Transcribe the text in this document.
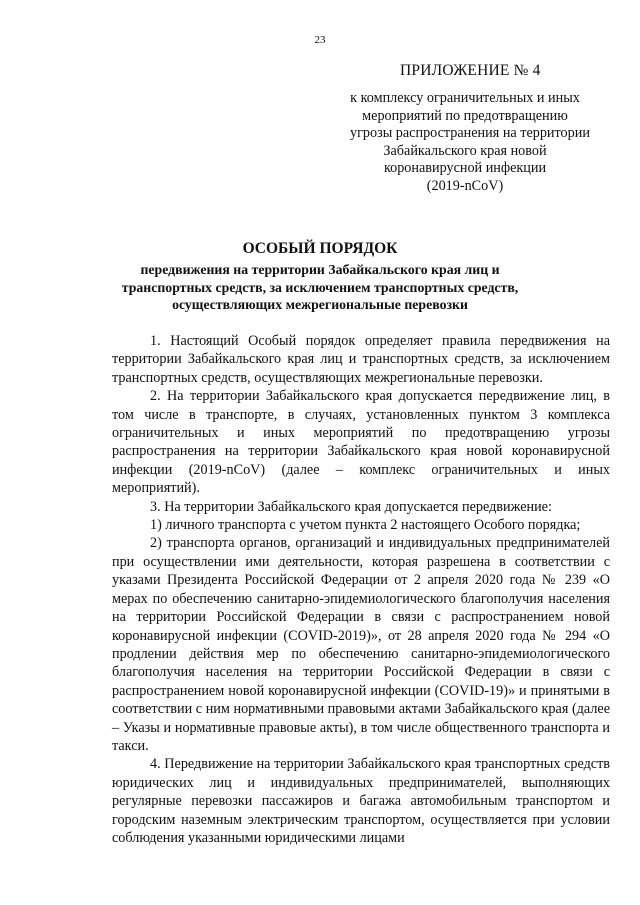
23
ПРИЛОЖЕНИЕ № 4
к комплексу ограничительных и иных
мероприятий по предотвращению
угрозы распространения на территории
Забайкальского края новой
коронавирусной инфекции
(2019-nCoV)
ОСОБЫЙ ПОРЯДОК
передвижения на территории Забайкальского края лиц и
транспортных средств, за исключением транспортных средств,
осуществляющих межрегиональные перевозки

1. Настоящий Особый порядок определяет правила передвижения на территории Забайкальского края лиц и транспортных средств, за исключением транспортных средств, осуществляющих межрегиональные перевозки.

2. На территории Забайкальского края допускается передвижение лиц, в том числе в транспорте, в случаях, установленных пунктом 3 комплекса ограничительных и иных мероприятий по предотвращению угрозы распространения на территории Забайкальского края новой коронавирусной инфекции (2019-nCoV) (далее – комплекс ограничительных и иных мероприятий).

3. На территории Забайкальского края допускается передвижение:

1) личного транспорта с учетом пункта 2 настоящего Особого порядка;

2) транспорта органов, организаций и индивидуальных предпринимателей при осуществлении ими деятельности, которая разрешена в соответствии с указами Президента Российской Федерации от 2 апреля 2020 года № 239 «О мерах по обеспечению санитарно-эпидемиологического благополучия населения на территории Российской Федерации в связи с распространением новой коронавирусной инфекции (COVID-2019)», от 28 апреля 2020 года № 294 «О продлении действия мер по обеспечению санитарно-эпидемиологического благополучия населения на территории Российской Федерации в связи с распространением новой коронавирусной инфекции (COVID-19)» и принятыми в соответствии с ним нормативными правовыми актами Забайкальского края (далее – Указы и нормативные правовые акты), в том числе общественного транспорта и такси.

4. Передвижение на территории Забайкальского края транспортных средств юридических лиц и индивидуальных предпринимателей, выполняющих регулярные перевозки пассажиров и багажа автомобильным транспортом и городским наземным электрическим транспортом, осуществляется при условии соблюдения указанными юридическими лицами
